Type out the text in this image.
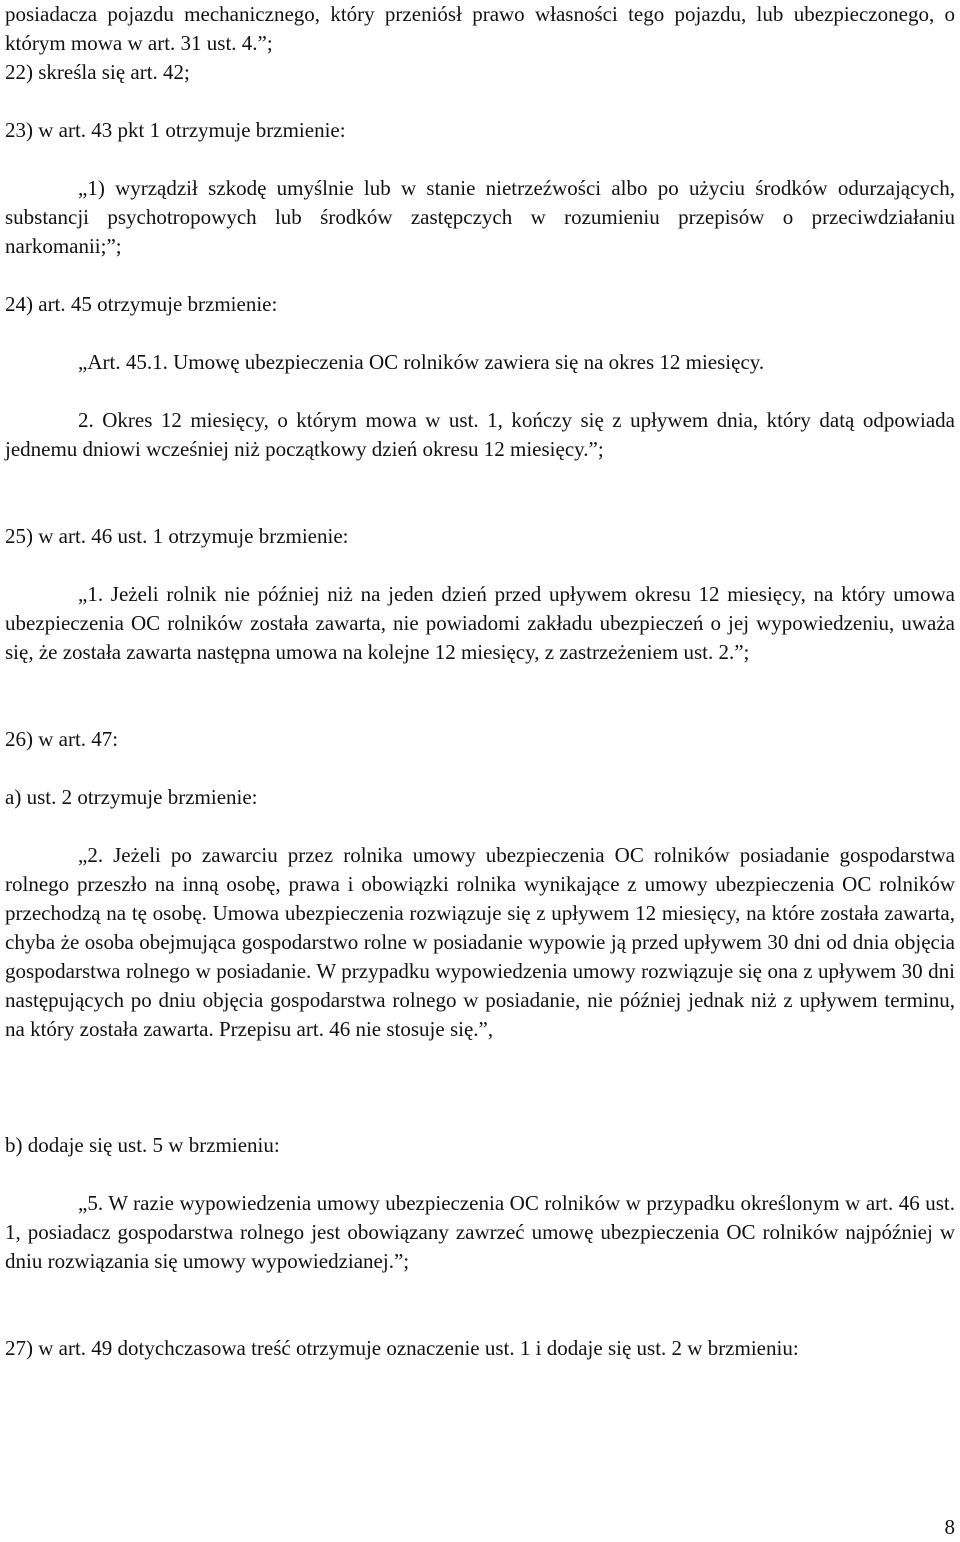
posiadacza pojazdu mechanicznego, który przeniósł prawo własności tego pojazdu, lub ubezpieczonego, o którym mowa w art. 31 ust. 4.”;

22) skreśla się art. 42;

23) w art. 43 pkt 1 otrzymuje brzmienie:

„1) wyrządził szkodę umyślnie lub w stanie nietrzeźwości albo po użyciu środków odurzających, substancji psychotropowych lub środków zastępczych w rozumieniu przepisów o przeciwdziałaniu narkomanii;”;

24) art. 45 otrzymuje brzmienie:

„Art. 45.1. Umowę ubezpieczenia OC rolników zawiera się na okres 12 miesięcy.

2. Okres 12 miesięcy, o którym mowa w ust. 1, kończy się z upływem dnia, który datą odpowiada jednemu dniowi wcześniej niż początkowy dzień okresu 12 miesięcy.”;

25) w art. 46 ust. 1 otrzymuje brzmienie:

„1. Jeżeli rolnik nie później niż na jeden dzień przed upływem okresu 12 miesięcy, na który umowa ubezpieczenia OC rolników została zawarta, nie powiadomi zakładu ubezpieczeń o jej wypowiedzeniu, uważa się, że została zawarta następna umowa na kolejne 12 miesięcy, z zastrzeżeniem ust. 2.”;

26) w art. 47:

a) ust. 2 otrzymuje brzmienie:

„2. Jeżeli po zawarciu przez rolnika umowy ubezpieczenia OC rolników posiadanie gospodarstwa rolnego przeszło na inną osobę, prawa i obowiązki rolnika wynikające z umowy ubezpieczenia OC rolników przechodzą na tę osobę. Umowa ubezpieczenia rozwiązuje się z upływem 12 miesięcy, na które została zawarta, chyba że osoba obejmująca gospodarstwo rolne w posiadanie wypowie ją przed upływem 30 dni od dnia objęcia gospodarstwa rolnego w posiadanie. W przypadku wypowiedzenia umowy rozwiązuje się ona z upływem 30 dni następujących po dniu objęcia gospodarstwa rolnego w posiadanie, nie później jednak niż z upływem terminu, na który została zawarta. Przepisu art. 46 nie stosuje się.”,

b) dodaje się ust. 5 w brzmieniu:

„5. W razie wypowiedzenia umowy ubezpieczenia OC rolników w przypadku określonym w art. 46 ust. 1, posiadacz gospodarstwa rolnego jest obowiązany zawrzeć umowę ubezpieczenia OC rolników najpóźniej w dniu rozwiązania się umowy wypowiedzianej.”;

27) w art. 49 dotychczasowa treść otrzymuje oznaczenie ust. 1 i dodaje się ust. 2 w brzmieniu:

8
